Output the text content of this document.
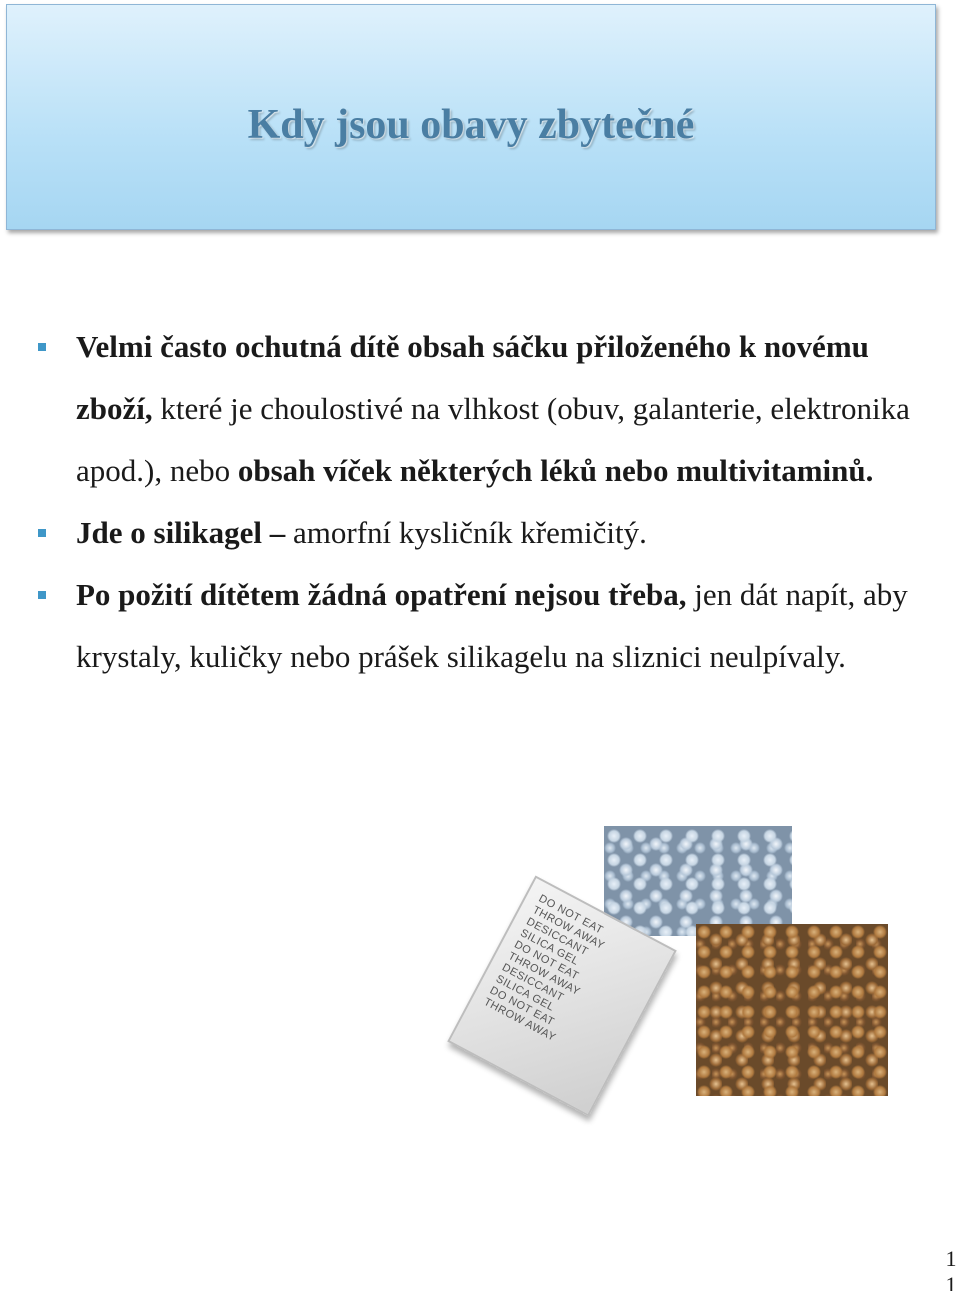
Kdy jsou obavy zbytečné
Velmi často ochutná dítě obsah sáčku přiloženého k novému zboží, které je choulostivé na vlhkost (obuv, galanterie, elektronika apod.), nebo obsah víček některých léků nebo multivitaminů.
Jde o silikagel – amorfní kysličník křemičitý.
Po požití dítětem žádná opatření nejsou třeba, jen dát napít, aby krystaly, kuličky nebo prášek silikagelu na sliznici neulpívaly.
DO NOT EAT
THROW AWAY
DESICCANT
SILICA GEL
DO NOT EAT
THROW AWAY
DESICCANT
SILICA GEL
DO NOT EAT
THROW AWAY
1
1
